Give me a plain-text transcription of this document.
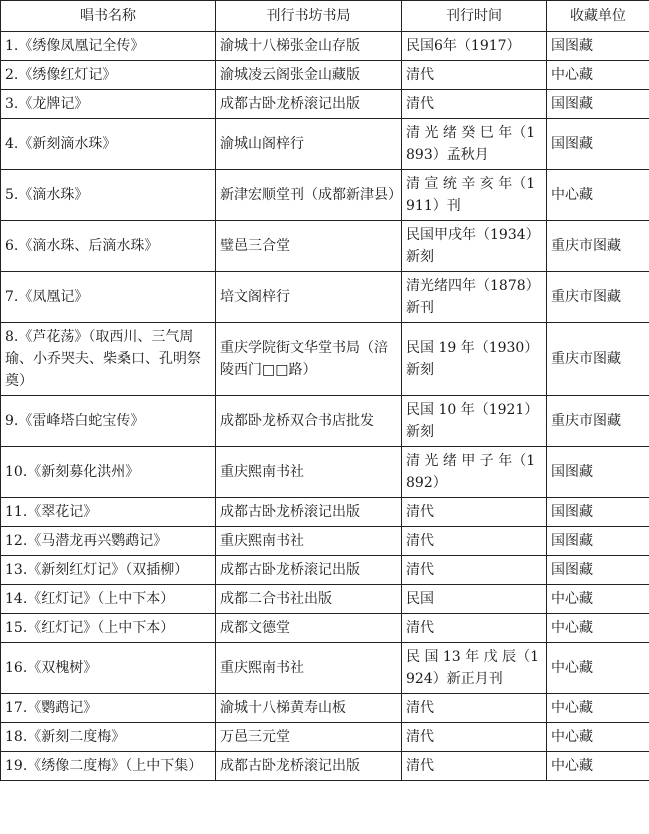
唱书名称	刊行书坊书局	刊行时间	收藏单位
1.《绣像凤凰记全传》	渝城十八梯张金山存版	民国6年（1917）	国图藏
2.《绣像红灯记》	渝城凌云阁张金山藏版	清代	中心藏
3.《龙牌记》	成都古卧龙桥滚记出版	清代	国图藏
4.《新刻滴水珠》	渝城山阁梓行	清 光 绪 癸 巳 年（1893）孟秋月	国图藏
5.《滴水珠》	新津宏顺堂刊（成都新津县）	清 宣 统 辛 亥 年（1911）刊	中心藏
6.《滴水珠、后滴水珠》	璧邑三合堂	民国甲戌年（1934）新刻	重庆市图藏
7.《凤凰记》	培文阁梓行	清光绪四年（1878）新刊	重庆市图藏
8.《芦花荡》（取西川、三气周瑜、小乔哭夫、柴桑口、孔明祭奠）	重庆学院街文华堂书局（涪陵西门□□路）	民国 19 年（1930）新刻	重庆市图藏
9.《雷峰塔白蛇宝传》	成都卧龙桥双合书店批发	民国 10 年（1921）新刻	重庆市图藏
10.《新刻募化洪州》	重庆熙南书社	清 光 绪 甲 子 年（1892）	国图藏
11.《翠花记》	成都古卧龙桥滚记出版	清代	国图藏
12.《马潜龙再兴鹦鹉记》	重庆熙南书社	清代	国图藏
13.《新刻红灯记》（双插柳）	成都古卧龙桥滚记出版	清代	国图藏
14.《红灯记》（上中下本）	成都二合书社出版	民国	中心藏
15.《红灯记》（上中下本）	成都文德堂	清代	中心藏
16.《双槐树》	重庆熙南书社	民 国 13 年 戊 辰（1924）新正月刊	中心藏
17.《鹦鹉记》	渝城十八梯黄寿山板	清代	中心藏
18.《新刻二度梅》	万邑三元堂	清代	中心藏
19.《绣像二度梅》（上中下集）	成都古卧龙桥滚记出版	清代	中心藏
